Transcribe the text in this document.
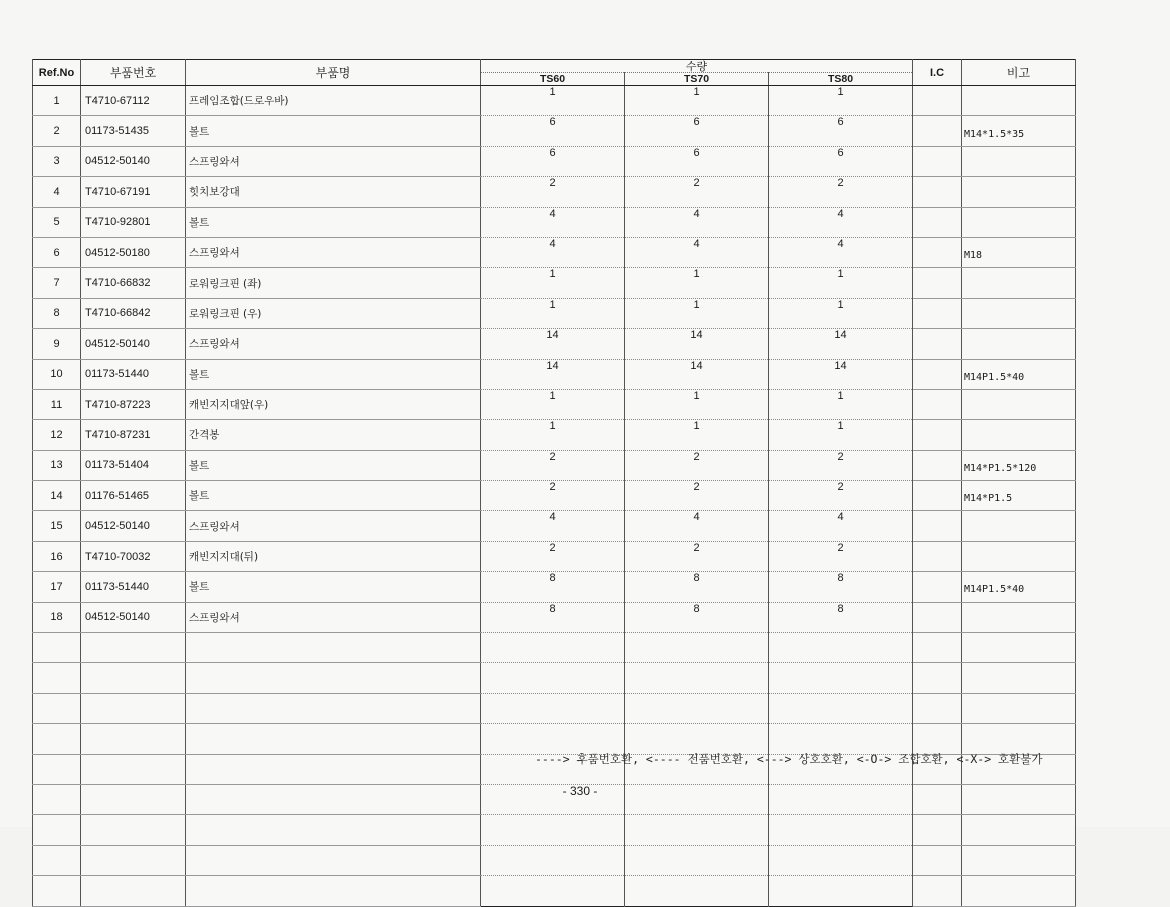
Ref.No	부품번호	부품명	수량			I.C	비고
			TS60	TS70	TS80		
1	T4710-67112	프레임조합(드로우바)	1	1	1		
2	01173-51435	볼트	6	6	6		M14*1.5*35
3	04512-50140	스프링와셔	6	6	6		
4	T4710-67191	힛치보강대	2	2	2		
5	T4710-92801	볼트	4	4	4		
6	04512-50180	스프링와셔	4	4	4		M18
7	T4710-66832	로워링크핀 (좌)	1	1	1		
8	T4710-66842	로워링크핀 (우)	1	1	1		
9	04512-50140	스프링와셔	14	14	14		
10	01173-51440	볼트	14	14	14		M14P1.5*40
11	T4710-87223	캐빈지지대앞(우)	1	1	1		
12	T4710-87231	간격봉	1	1	1		
13	01173-51404	볼트	2	2	2		M14*P1.5*120
14	01176-51465	볼트	2	2	2		M14*P1.5
15	04512-50140	스프링와셔	4	4	4		
16	T4710-70032	캐빈지지대(뒤)	2	2	2		
17	01173-51440	볼트	8	8	8		M14P1.5*40
18	04512-50140	스프링와셔	8	8	8		

----> 후품번호환, <---- 전품번호환, <---> 상호호환, <-O-> 조합호환, <-X-> 호환불가
- 330 -
